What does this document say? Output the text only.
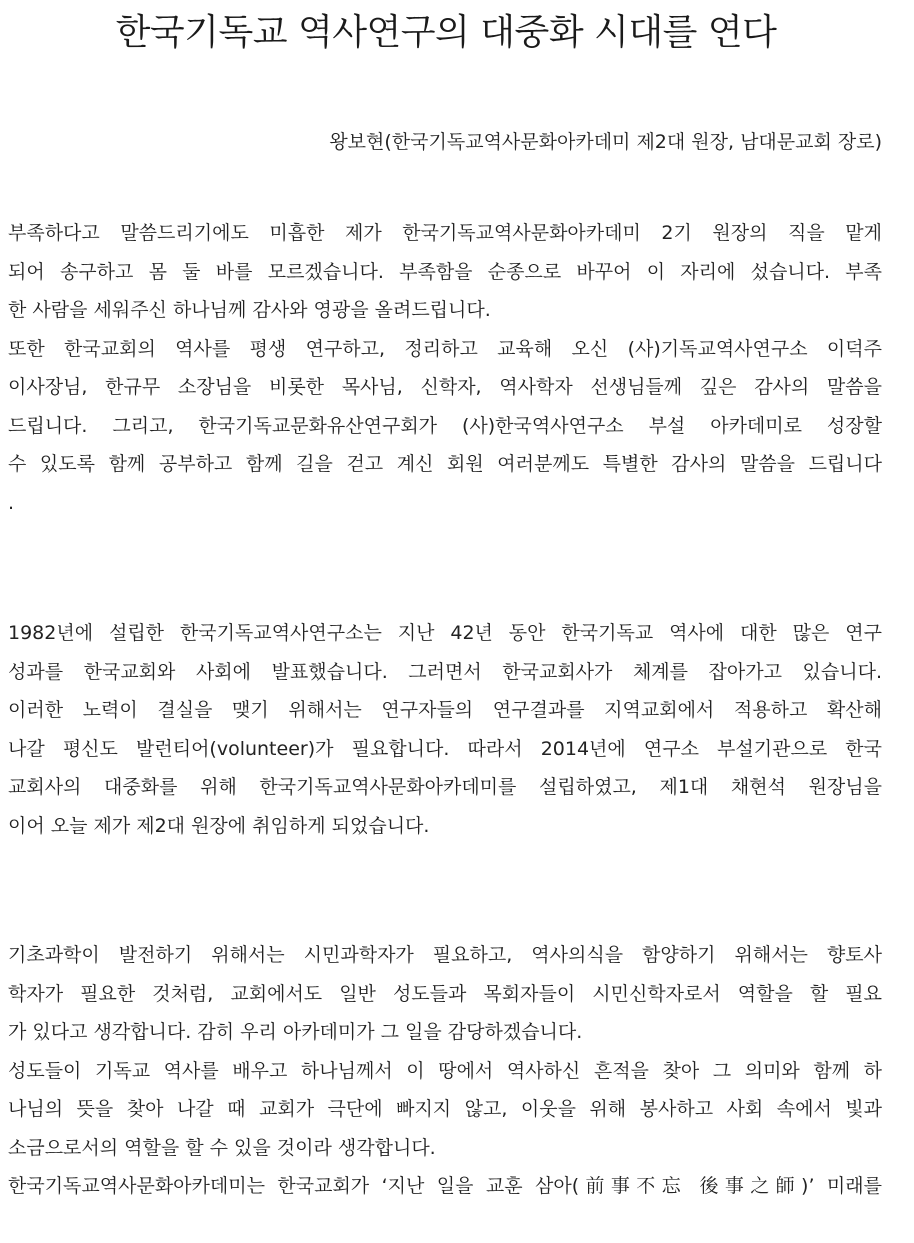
한국기독교 역사연구의 대중화 시대를 연다
왕보현(한국기독교역사문화아카데미 제2대 원장, 남대문교회 장로)
부족하다고 말씀드리기에도 미흡한 제가 한국기독교역사문화아카데미 2기 원장의 직을 맡게
되어 송구하고 몸 둘 바를 모르겠습니다. 부족함을 순종으로 바꾸어 이 자리에 섰습니다. 부족
한 사람을 세워주신 하나님께 감사와 영광을 올려드립니다.
또한 한국교회의 역사를 평생 연구하고, 정리하고 교육해 오신 (사)기독교역사연구소 이덕주
이사장님, 한규무 소장님을 비롯한 목사님, 신학자, 역사학자 선생님들께 깊은 감사의 말씀을
드립니다. 그리고, 한국기독교문화유산연구회가 (사)한국역사연구소 부설 아카데미로 성장할
수 있도록 함께 공부하고 함께 길을 걷고 계신 회원 여러분께도 특별한 감사의 말씀을 드립니다
.
1982년에 설립한 한국기독교역사연구소는 지난 42년 동안 한국기독교 역사에 대한 많은 연구
성과를 한국교회와 사회에 발표했습니다. 그러면서 한국교회사가 체계를 잡아가고 있습니다.
이러한 노력이 결실을 맺기 위해서는 연구자들의 연구결과를 지역교회에서 적용하고 확산해
나갈 평신도 발런티어(volunteer)가 필요합니다. 따라서 2014년에 연구소 부설기관으로 한국
교회사의 대중화를 위해 한국기독교역사문화아카데미를 설립하였고, 제1대 채현석 원장님을
이어 오늘 제가 제2대 원장에 취임하게 되었습니다.
기초과학이 발전하기 위해서는 시민과학자가 필요하고, 역사의식을 함양하기 위해서는 향토사
학자가 필요한 것처럼, 교회에서도 일반 성도들과 목회자들이 시민신학자로서 역할을 할 필요
가 있다고 생각합니다. 감히 우리 아카데미가 그 일을 감당하겠습니다.
성도들이 기독교 역사를 배우고 하나님께서 이 땅에서 역사하신 흔적을 찾아 그 의미와 함께 하
나님의 뜻을 찾아 나갈 때 교회가 극단에 빠지지 않고, 이웃을 위해 봉사하고 사회 속에서 빛과
소금으로서의 역할을 할 수 있을 것이라 생각합니다.
한국기독교역사문화아카데미는 한국교회가 ‘지난 일을 교훈 삼아(前事不忘 後事之師)’ 미래를
